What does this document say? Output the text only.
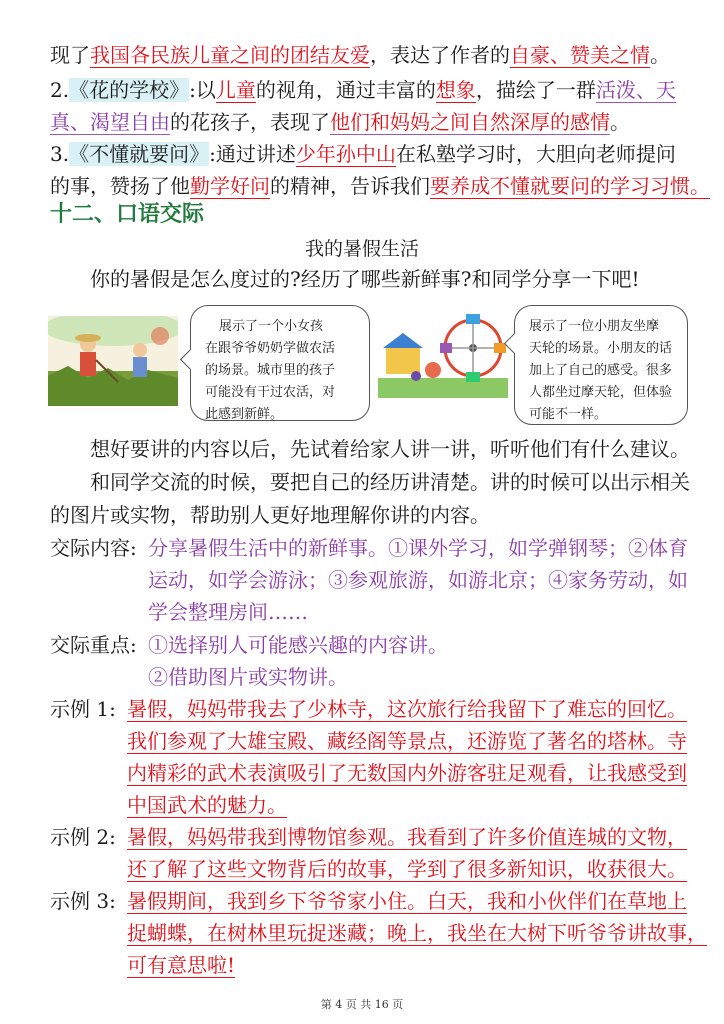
现了我国各民族儿童之间的团结友爱，表达了作者的自豪、赞美之情。
2.《花的学校》:以儿童的视角，通过丰富的想象，描绘了一群活泼、天
真、渴望自由的花孩子，表现了他们和妈妈之间自然深厚的感情。
3.《不懂就要问》:通过讲述少年孙中山在私塾学习时，大胆向老师提问
的事，赞扬了他勤学好问的精神，告诉我们要养成不懂就要问的学习习惯。
十二、口语交际
我的暑假生活
你的暑假是怎么度过的?经历了哪些新鲜事?和同学分享一下吧!
展示了一个小女孩
在跟爷爷奶奶学做农活
的场景。城市里的孩子
可能没有干过农活，对
此感到新鲜。
展示了一位小朋友坐摩
天轮的场景。小朋友的话
加上了自己的感受。很多
人都坐过摩天轮，但体验
可能不一样。
想好要讲的内容以后，先试着给家人讲一讲，听听他们有什么建议。
和同学交流的时候，要把自己的经历讲清楚。讲的时候可以出示相关
的图片或实物，帮助别人更好地理解你讲的内容。
交际内容: 分享暑假生活中的新鲜事。①课外学习，如学弹钢琴；②体育
运动，如学会游泳；③参观旅游，如游北京；④家务劳动，如
学会整理房间……
交际重点: ①选择别人可能感兴趣的内容讲。
②借助图片或实物讲。
示例 1: 暑假，妈妈带我去了少林寺，这次旅行给我留下了难忘的回忆。
我们参观了大雄宝殿、藏经阁等景点，还游览了著名的塔林。寺
内精彩的武术表演吸引了无数国内外游客驻足观看，让我感受到
中国武术的魅力。
示例 2: 暑假，妈妈带我到博物馆参观。我看到了许多价值连城的文物，
还了解了这些文物背后的故事，学到了很多新知识，收获很大。
示例 3: 暑假期间，我到乡下爷爷家小住。白天，我和小伙伴们在草地上
捉蝴蝶，在树林里玩捉迷藏；晚上，我坐在大树下听爷爷讲故事，
可有意思啦!
第 4 页 共 16 页
